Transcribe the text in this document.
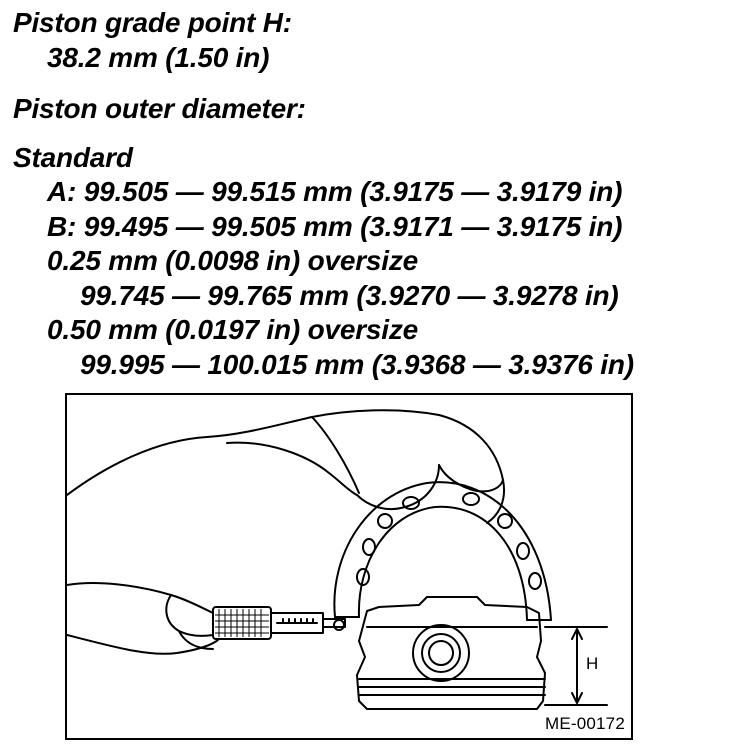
Piston grade point H:
38.2 mm (1.50 in)
Piston outer diameter:
Standard
A: 99.505 — 99.515 mm (3.9175 — 3.9179 in)
B: 99.495 — 99.505 mm (3.9171 — 3.9175 in)
0.25 mm (0.0098 in) oversize
99.745 — 99.765 mm (3.9270 — 3.9278 in)
0.50 mm (0.0197 in) oversize
99.995 — 100.015 mm (3.9368 — 3.9376 in)
H
ME-00172
